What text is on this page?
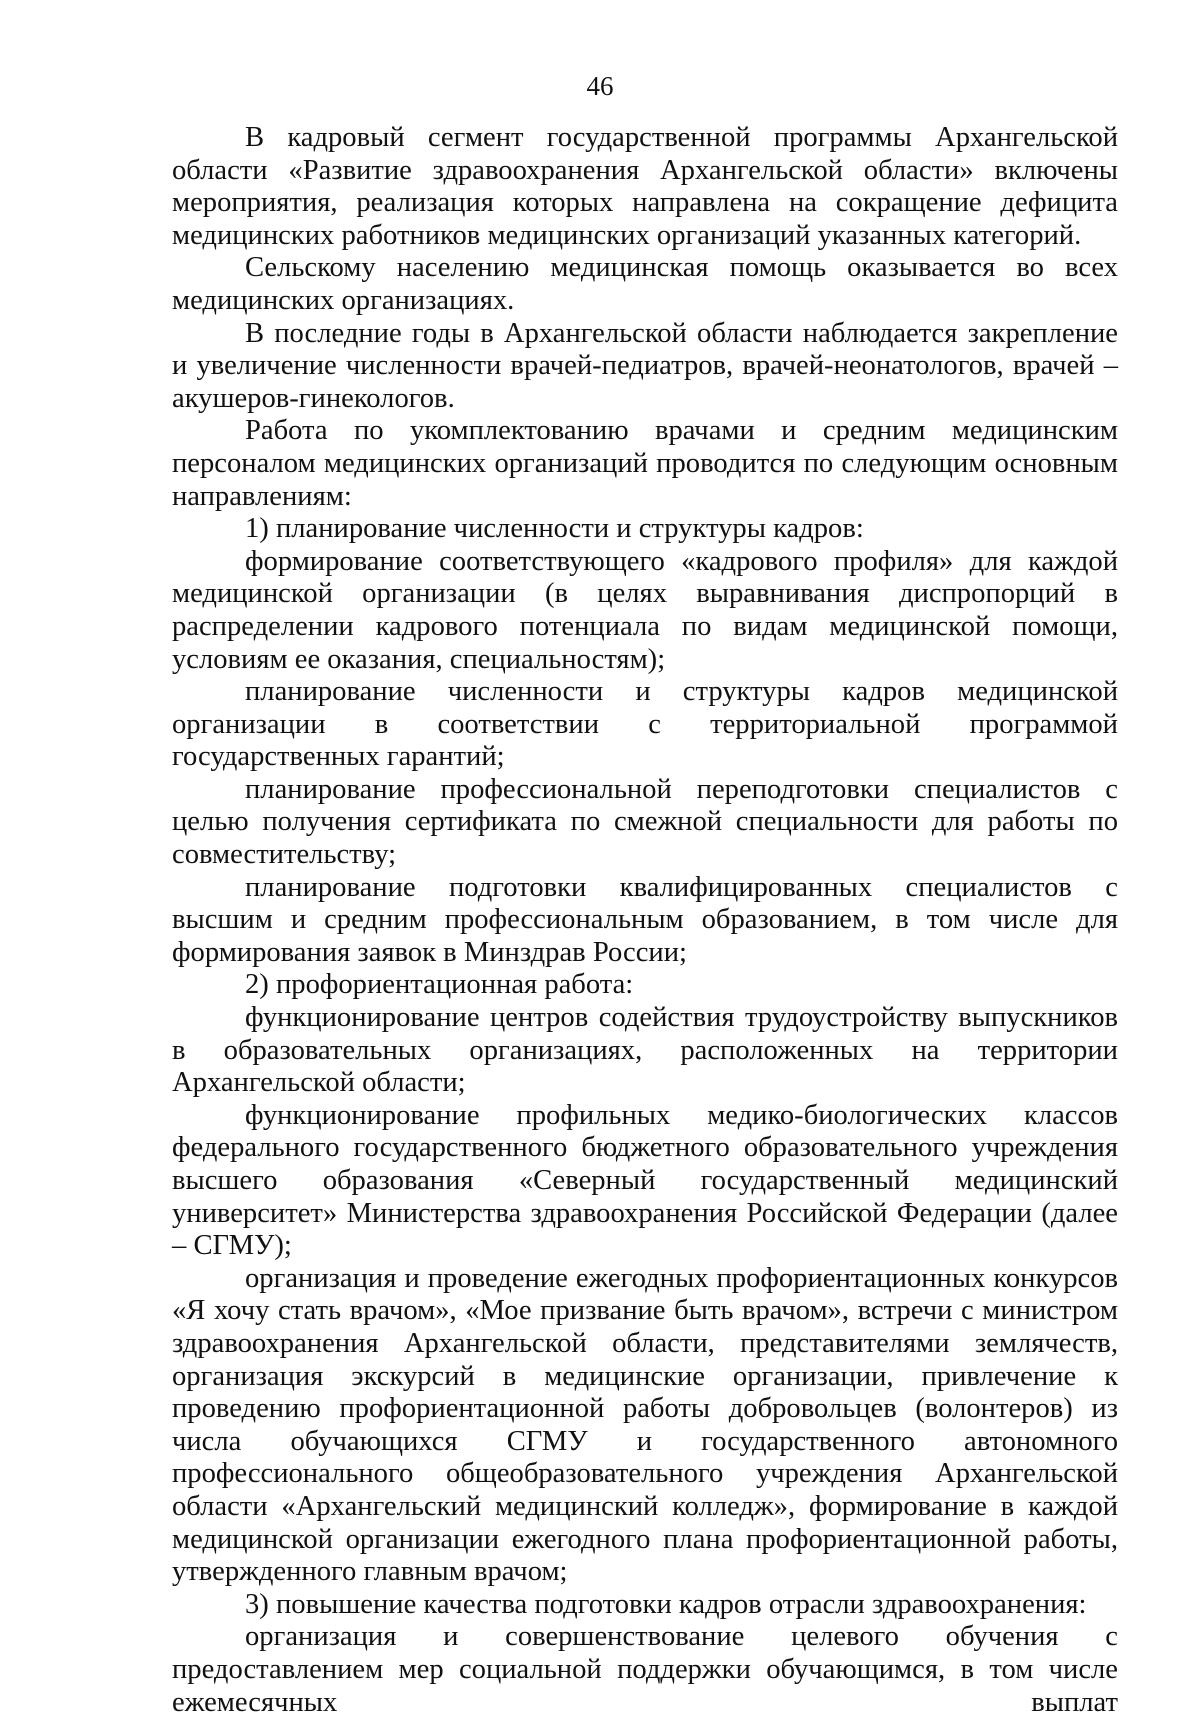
46

В кадровый сегмент государственной программы Архангельской области «Развитие здравоохранения Архангельской области» включены мероприятия, реализация которых направлена на сокращение дефицита медицинских работников медицинских организаций указанных категорий.

Сельскому населению медицинская помощь оказывается во всех медицинских организациях.

В последние годы в Архангельской области наблюдается закрепление и увеличение численности врачей-педиатров, врачей-неонатологов, врачей – акушеров-гинекологов.

Работа по укомплектованию врачами и средним медицинским персоналом медицинских организаций проводится по следующим основным направлениям:

1) планирование численности и структуры кадров:

формирование соответствующего «кадрового профиля» для каждой медицинской организации (в целях выравнивания диспропорций в распределении кадрового потенциала по видам медицинской помощи, условиям ее оказания, специальностям);

планирование численности и структуры кадров медицинской организации в соответствии с территориальной программой государственных гарантий;

планирование профессиональной переподготовки специалистов с целью получения сертификата по смежной специальности для работы по совместительству;

планирование подготовки квалифицированных специалистов с высшим и средним профессиональным образованием, в том числе для формирования заявок в Минздрав России;

2) профориентационная работа:

функционирование центров содействия трудоустройству выпускников в образовательных организациях, расположенных на территории Архангельской области;

функционирование профильных медико-биологических классов федерального государственного бюджетного образовательного учреждения высшего образования «Северный государственный медицинский университет» Министерства здравоохранения Российской Федерации (далее – СГМУ);

организация и проведение ежегодных профориентационных конкурсов «Я хочу стать врачом», «Мое призвание быть врачом», встречи с министром здравоохранения Архангельской области, представителями землячеств, организация экскурсий в медицинские организации, привлечение к проведению профориентационной работы добровольцев (волонтеров) из числа обучающихся СГМУ и государственного автономного профессионального общеобразовательного учреждения Архангельской области «Архангельский медицинский колледж», формирование в каждой медицинской организации ежегодного плана профориентационной работы, утвержденного главным врачом;

3) повышение качества подготовки кадров отрасли здравоохранения:

организация и совершенствование целевого обучения с предоставлением мер социальной поддержки обучающимся, в том числе ежемесячных выплат
